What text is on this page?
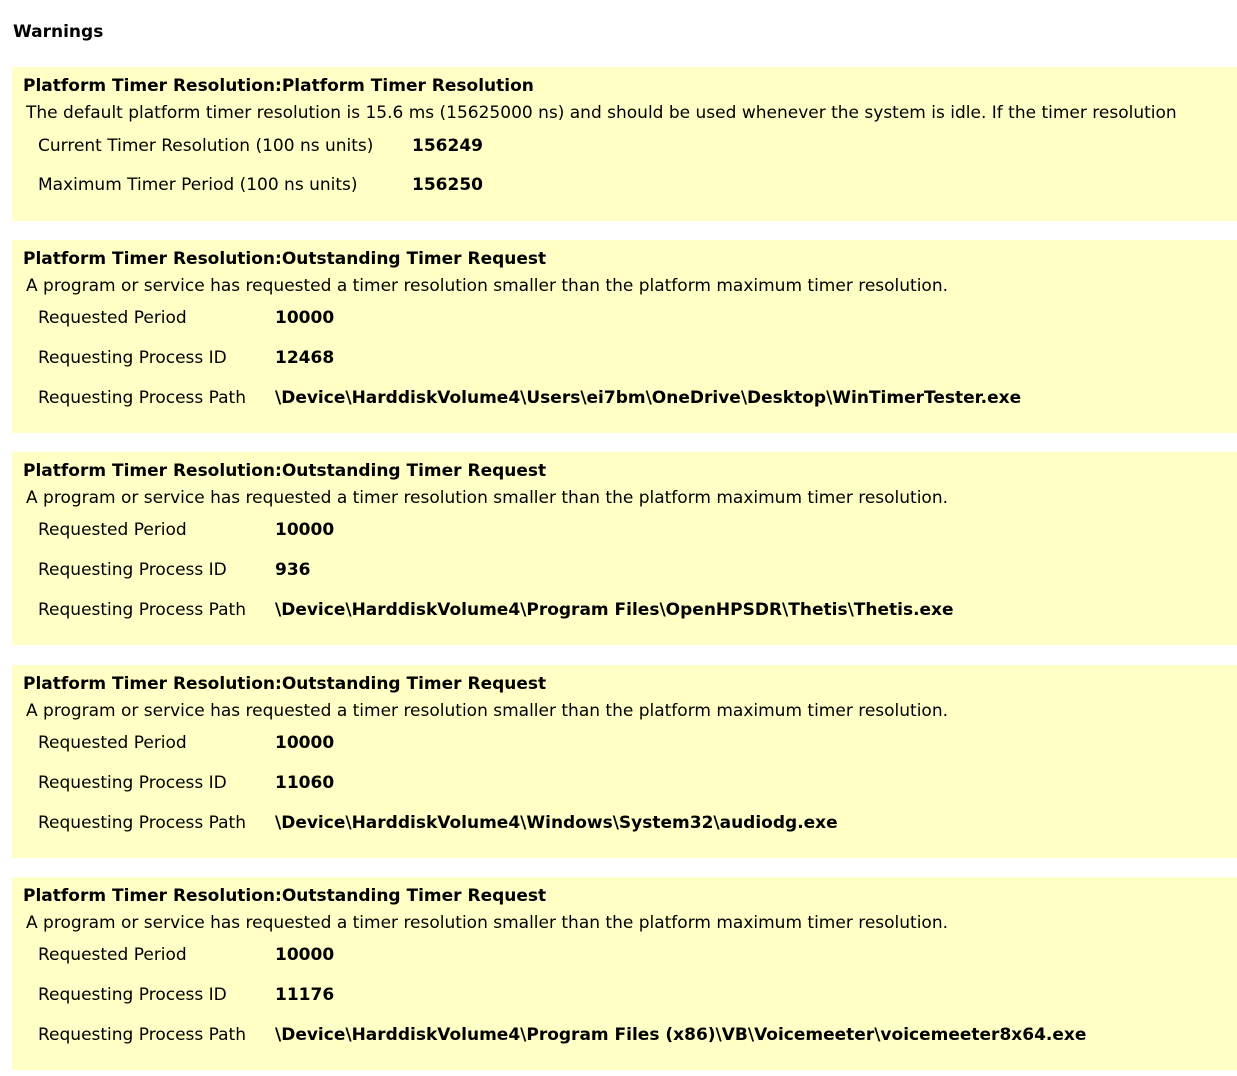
Warnings
Platform Timer Resolution:Platform Timer Resolution
The default platform timer resolution is 15.6 ms (15625000 ns) and should be used whenever the system is idle. If the timer resolution
Current Timer Resolution (100 ns units) 156249
Maximum Timer Period (100 ns units)	156250
Platform Timer Resolution:Outstanding Timer Request
A program or service has requested a timer resolution smaller than the platform maximum timer resolution.
Requested Period	10000
Requesting Process ID	12468
Requesting Process Path \Device\HarddiskVolume4\Users\ei7bm\OneDrive\Desktop\WinTimerTester.exe
Platform Timer Resolution:Outstanding Timer Request
A program or service has requested a timer resolution smaller than the platform maximum timer resolution.
Requested Period	10000
Requesting Process ID	936
Requesting Process Path \Device\HarddiskVolume4\Program Files\OpenHPSDR\Thetis\Thetis.exe
Platform Timer Resolution:Outstanding Timer Request
A program or service has requested a timer resolution smaller than the platform maximum timer resolution.
Requested Period	10000
Requesting Process ID	11060
Requesting Process Path \Device\HarddiskVolume4\Windows\System32\audiodg.exe
Platform Timer Resolution:Outstanding Timer Request
A program or service has requested a timer resolution smaller than the platform maximum timer resolution.
Requested Period	10000
Requesting Process ID	11176
Requesting Process Path \Device\HarddiskVolume4\Program Files (x86)\VB\Voicemeeter\voicemeeter8x64.exe
